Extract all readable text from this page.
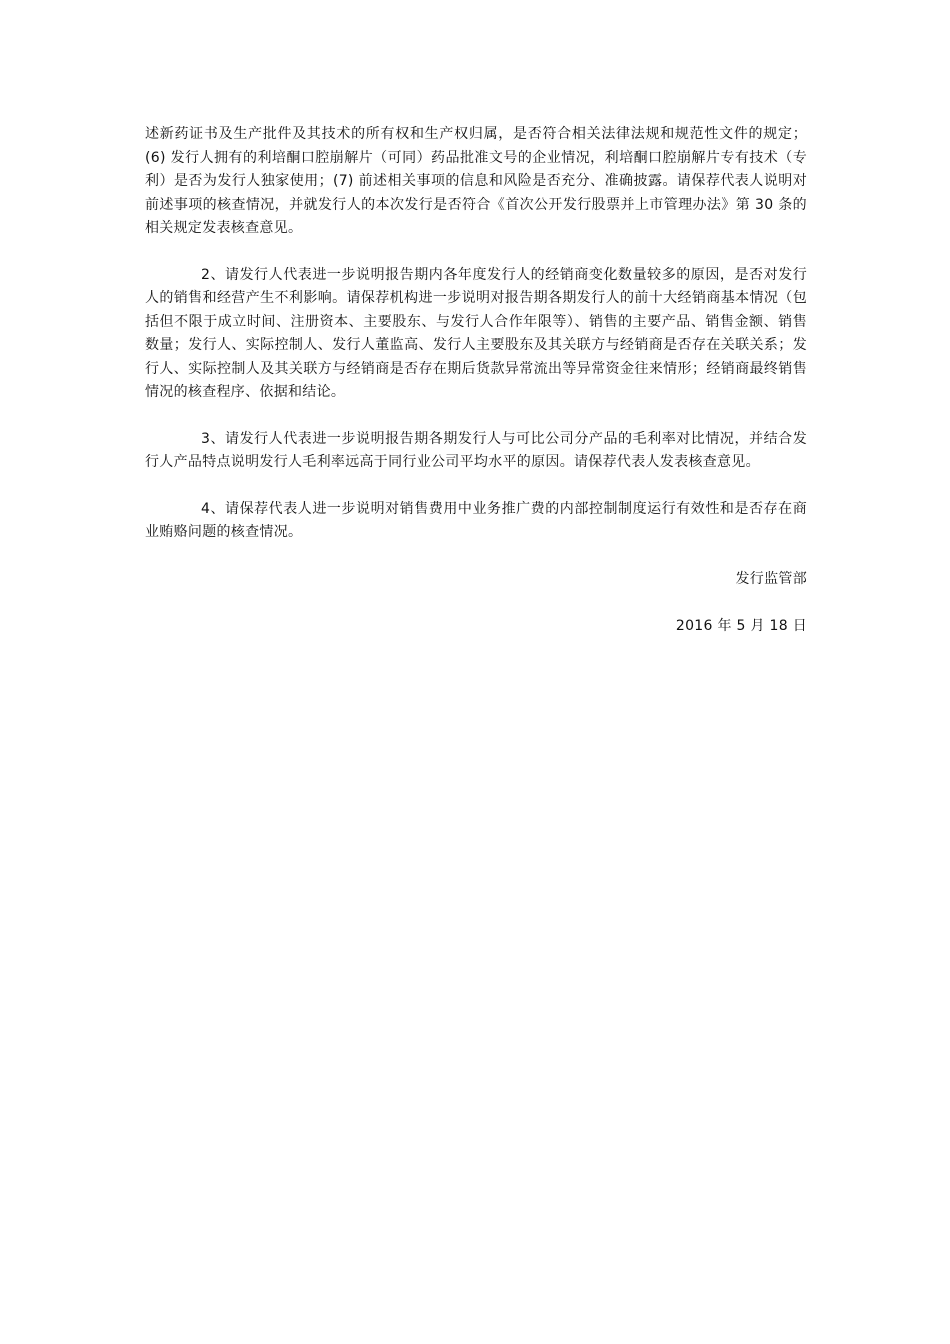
述新药证书及生产批件及其技术的所有权和生产权归属，是否符合相关法律法规和规范性文件的规定；(6) 发行人拥有的利培酮口腔崩解片（可同）药品批准文号的企业情况，利培酮口腔崩解片专有技术（专利）是否为发行人独家使用；(7) 前述相关事项的信息和风险是否充分、准确披露。请保荐代表人说明对前述事项的核查情况，并就发行人的本次发行是否符合《首次公开发行股票并上市管理办法》第 30 条的相关规定发表核查意见。

2、请发行人代表进一步说明报告期内各年度发行人的经销商变化数量较多的原因，是否对发行人的销售和经营产生不利影响。请保荐机构进一步说明对报告期各期发行人的前十大经销商基本情况（包括但不限于成立时间、注册资本、主要股东、与发行人合作年限等）、销售的主要产品、销售金额、销售数量；发行人、实际控制人、发行人董监高、发行人主要股东及其关联方与经销商是否存在关联关系；发行人、实际控制人及其关联方与经销商是否存在期后货款异常流出等异常资金往来情形；经销商最终销售情况的核查程序、依据和结论。

3、请发行人代表进一步说明报告期各期发行人与可比公司分产品的毛利率对比情况，并结合发行人产品特点说明发行人毛利率远高于同行业公司平均水平的原因。请保荐代表人发表核查意见。

4、请保荐代表人进一步说明对销售费用中业务推广费的内部控制制度运行有效性和是否存在商业贿赂问题的核查情况。

发行监管部

2016 年 5 月 18 日
